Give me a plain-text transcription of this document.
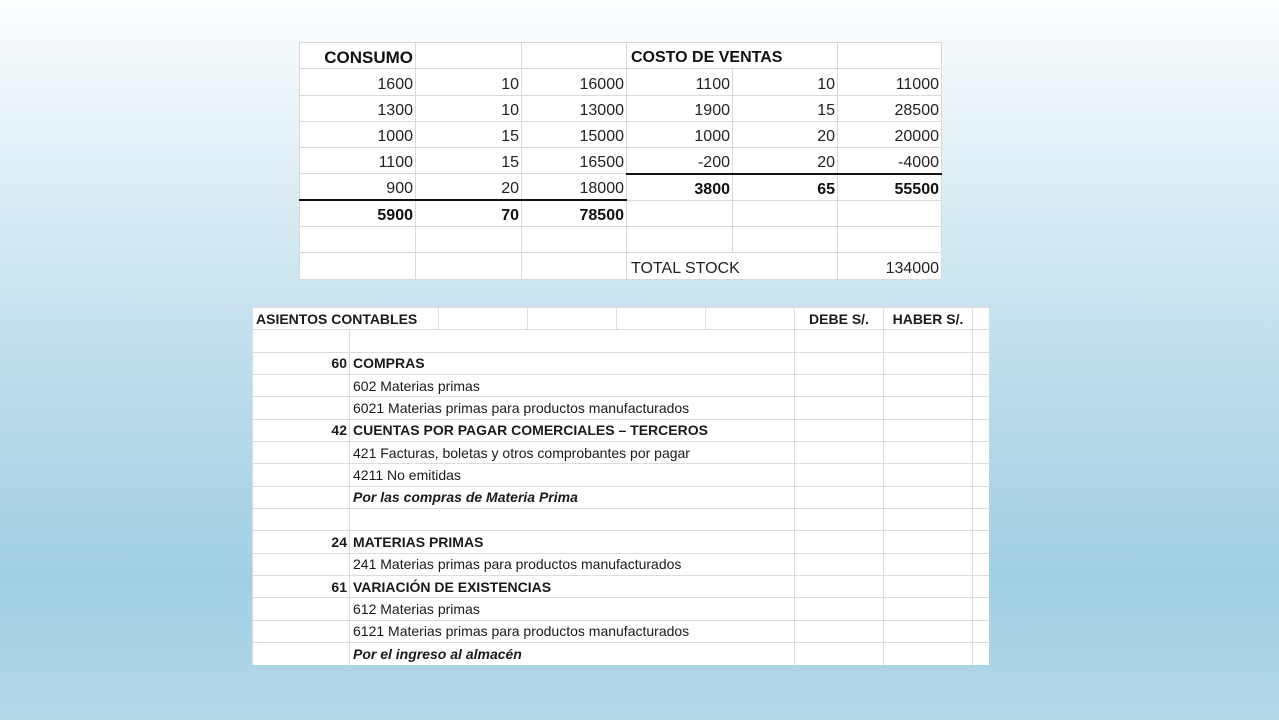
CONSUMO			COSTO DE VENTAS		
1600	10	16000	1100	10	11000
1300	10	13000	1900	15	28500
1000	15	15000	1000	20	20000
1100	15	16500	-200	20	-4000
900	20	18000	3800	65	55500
5900	70	78500			

			TOTAL STOCK		134000
ASIENTOS CONTABLES						DEBE S/.	HABER S/.	

60	COMPRAS							
	602 Materias primas							
	6021 Materias primas para productos manufacturados							
42	CUENTAS POR PAGAR COMERCIALES – TERCEROS							
	421 Facturas, boletas y otros comprobantes por pagar							
	4211 No emitidas							
	Por las compras de Materia Prima							

24	MATERIAS PRIMAS							
	241 Materias primas para productos manufacturados							
61	VARIACIÓN DE EXISTENCIAS							
	612 Materias primas							
	6121 Materias primas para productos manufacturados							
	Por el ingreso al almacén							
